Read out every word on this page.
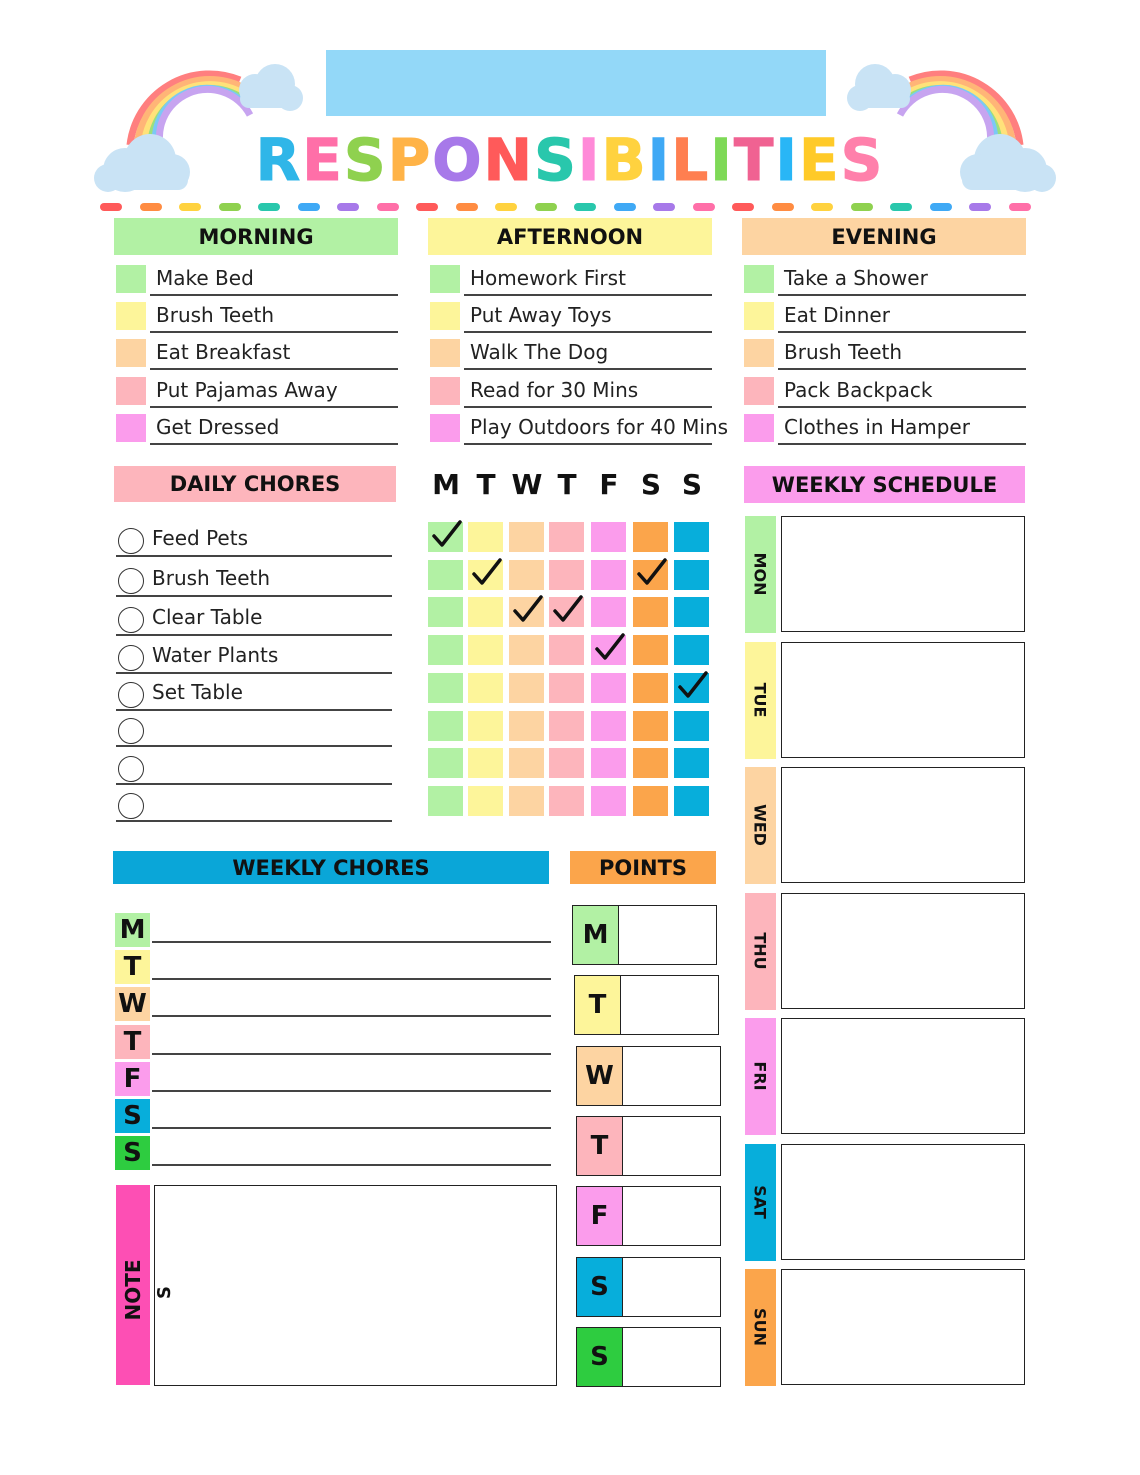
RESPONSIBILITIES
MORNING
Make Bed
Brush Teeth
Eat Breakfast
Put Pajamas Away
Get Dressed
AFTERNOON
Homework First
Put Away Toys
Walk The Dog
Read for 30 Mins
Play Outdoors for 40 Mins
EVENING
Take a Shower
Eat Dinner
Brush Teeth
Pack Backpack
Clothes in Hamper
DAILY CHORES
Feed Pets
Brush Teeth
Clear Table
Water Plants
Set Table
M T W T F S S	WEEKLY SCHEDULE
MON
TUE
WED
THU
FRI
SAT
SUN
WEEKLY CHORES
M
T
W
T
F
S
S
POINTS
M
T
W
T
F
S
S
NOTE S
